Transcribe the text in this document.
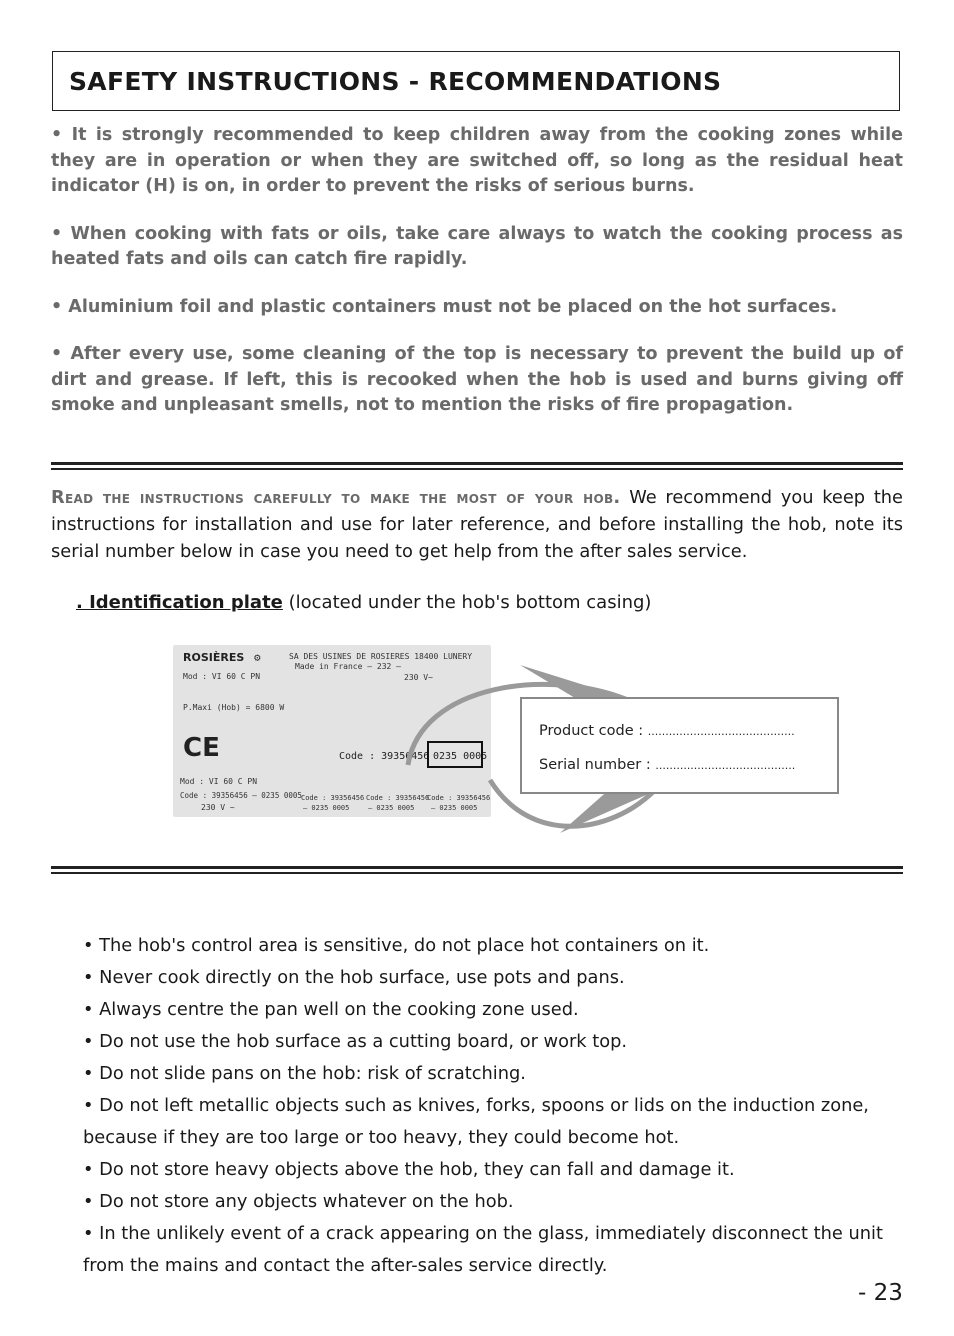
SAFETY INSTRUCTIONS - RECOMMENDATIONS

• It is strongly recommended to keep children away from the cooking zones while they are in operation or when they are switched off, so long as the residual heat indicator (H) is on, in order to prevent the risks of serious burns.

• When cooking with fats or oils, take care always to watch the cooking process as heated fats and oils can catch fire rapidly.

• Aluminium foil and plastic containers must not be placed on the hot surfaces.

• After every use, some cleaning of the top is necessary to prevent the build up of dirt and grease. If left, this is recooked when the hob is used and burns giving off smoke and unpleasant smells, not to mention the risks of fire propagation.

Read the instructions carefully to make the most of your hob. We recommend you keep the instructions for installation and use for later reference, and before installing the hob, note its serial number below in case you need to get help from the after sales service.

. Identification plate (located under the hob's bottom casing)

ROSIÈRES ⚙	SA DES USINES DE ROSIERES 18400 LUNERY
Made in France – 232 –
Mod : VI 60 C PN	230 V~
P.Maxi (Hob) = 6800 W
CE	Code : 39356456 0235 0005
Mod : VI 60 C PN
Code : 39356456 – 0235 0005
230 V ~
Code : 39356456
– 0235 0005
Code : 39356456
– 0235 0005
Code : 39356456
– 0235 0005
Product code : ..........................................
Serial number : ........................................
• The hob's control area is sensitive, do not place hot containers on it.
• Never cook directly on the hob surface, use pots and pans.
• Always centre the pan well on the cooking zone used.
• Do not use the hob surface as a cutting board, or work top.
• Do not slide pans on the hob: risk of scratching.
• Do not left metallic objects such as knives, forks, spoons or lids on the induction zone, because if they are too large or too heavy, they could become hot.
• Do not store heavy objects above the hob, they can fall and damage it.
• Do not store any objects whatever on the hob.
• In the unlikely event of a crack appearing on the glass, immediately disconnect the unit from the mains and contact the after-sales service directly.
- 23
